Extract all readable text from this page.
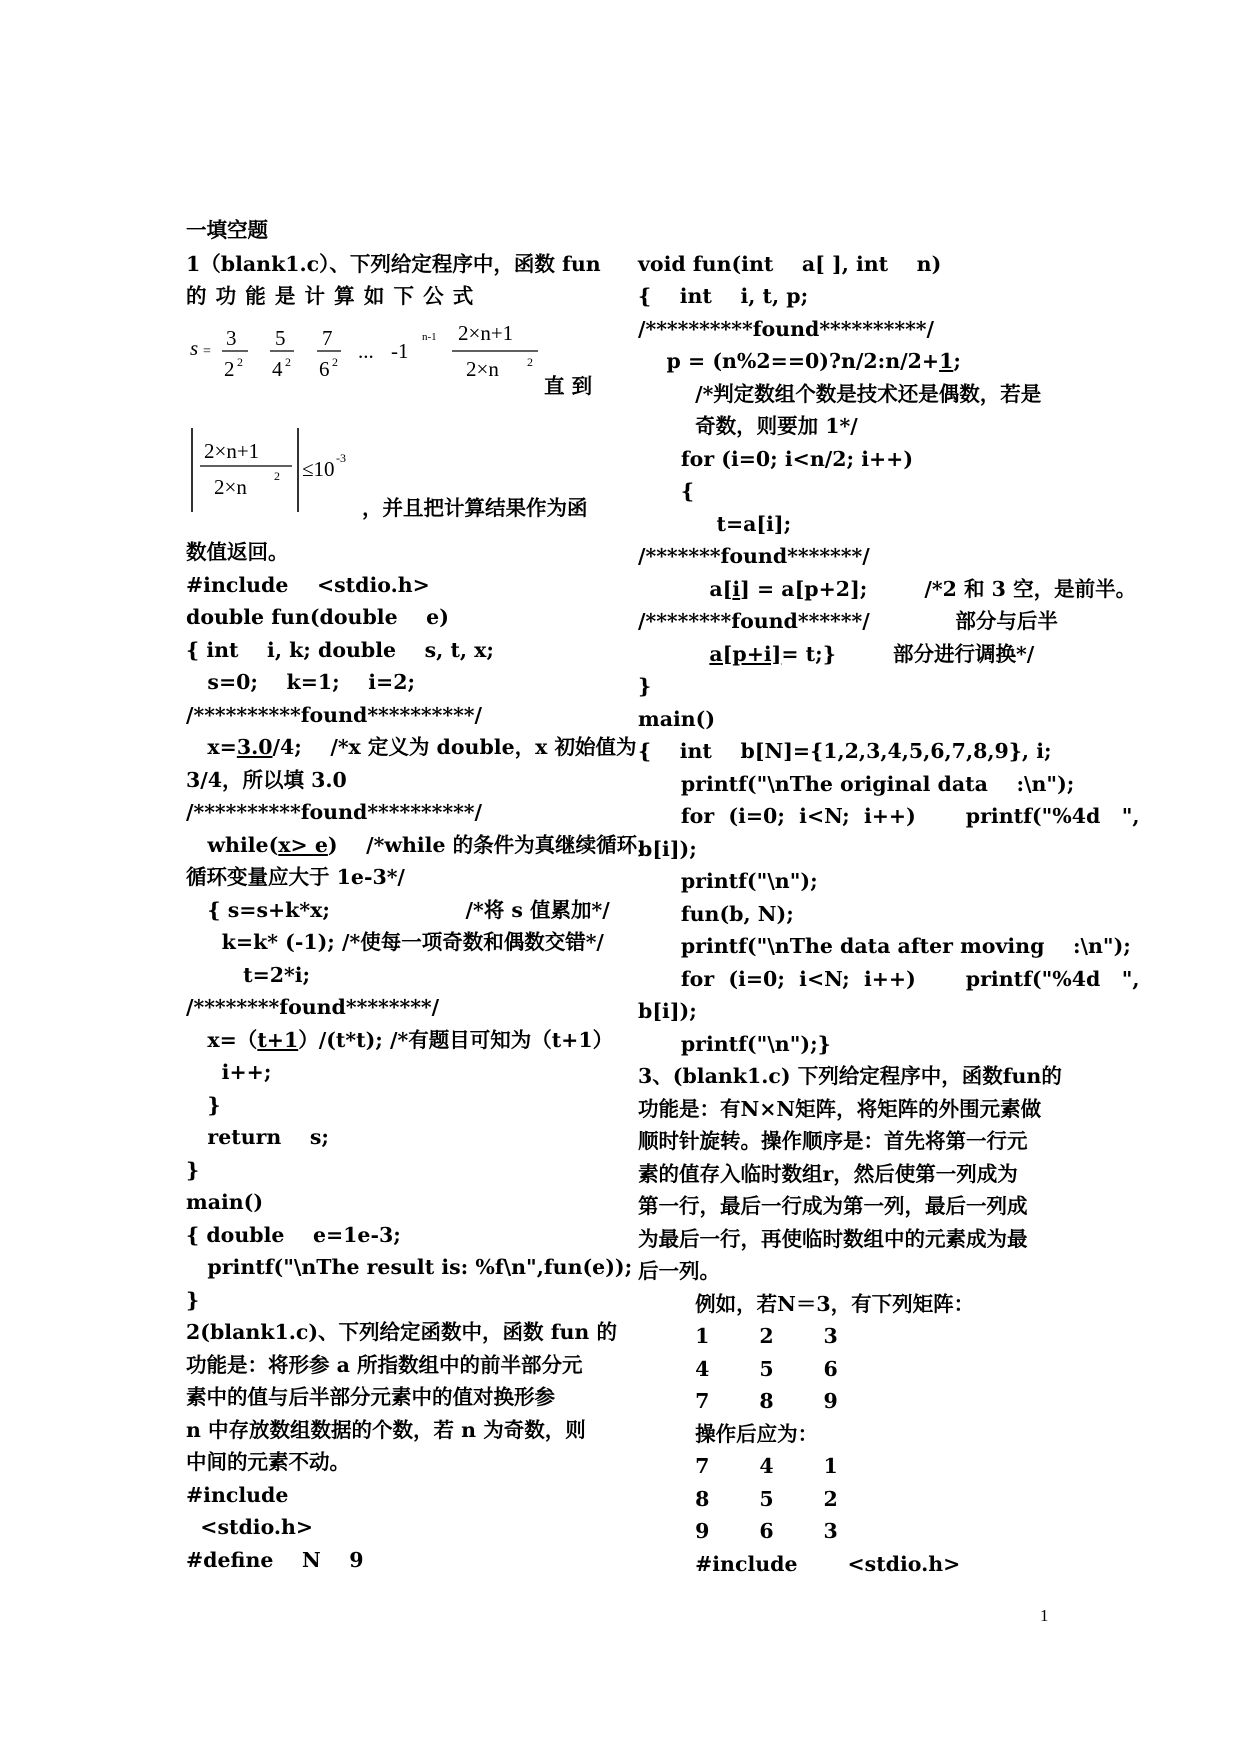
一填空题
1（blank1.c）、下列给定程序中，函数 fun
的 功 能 是 计 算 如 下 公 式
s =
3
2 2
5
4 2
7
6 2 ... -1
n-1 2×n+1
2×n 2
直 到
2×n+1
2×n 2 ≤10 -3
，并且把计算结果作为函
数值返回。
#include    <stdio.h>
double fun(double    e)
{ int    i, k; double    s, t, x;
s=0;    k=1;    i=2;
/**********found**********/
x=3.0/4;    /*x 定义为 double，x 初始值为
3/4，所以填 3.0
/**********found**********/
while(x> e)    /*while 的条件为真继续循环，
循环变量应大于 1e-3*/
{ s=s+k*x;                   /*将 s 值累加*/
k=k* (-1); /*使每一项奇数和偶数交错*/
t=2*i;
/********found********/
x=（t+1）/(t*t); /*有题目可知为（t+1）
i++;
}
return    s;
}
main()
{ double    e=1e-3;
printf("\nThe result is: %f\n",fun(e));
}
2(blank1.c)、下列给定函数中，函数 fun 的
功能是：将形参 a 所指数组中的前半部分元
素中的值与后半部分元素中的值对换形参
n 中存放数组数据的个数，若 n 为奇数，则
中间的元素不动。
#include
<stdio.h>
#define    N    9
void fun(int    a[ ], int    n)
{    int    i, t, p;
/**********found**********/
p = (n%2==0)?n/2:n/2+1;
/*判定数组个数是技术还是偶数，若是
奇数，则要加 1*/
for (i=0; i<n/2; i++)
{
t=a[i];
/*******found*******/
a[i] = a[p+2];        /*2 和 3 空，是前半。
/********found******/            部分与后半
a[p+i]= t;}        部分进行调换*/
}
main()
{    int    b[N]={1,2,3,4,5,6,7,8,9}, i;
printf("\nThe original data    :\n");
for  (i=0;  i<N;  i++)       printf("%4d   ",
b[i]);
printf("\n");
fun(b, N);
printf("\nThe data after moving    :\n");
for  (i=0;  i<N;  i++)       printf("%4d   ",
b[i]);
printf("\n");}
3、(blank1.c) 下列给定程序中，函数fun的
功能是：有N×N矩阵，将矩阵的外围元素做
顺时针旋转。操作顺序是：首先将第一行元
素的值存入临时数组r，然后使第一列成为
第一行，最后一行成为第一列，最后一列成
为最后一行，再使临时数组中的元素成为最
后一列。
例如，若N＝3，有下列矩阵：
1       2       3
4       5       6
7       8       9
操作后应为：
7       4       1
8       5       2
9       6       3
#include       <stdio.h>
1
